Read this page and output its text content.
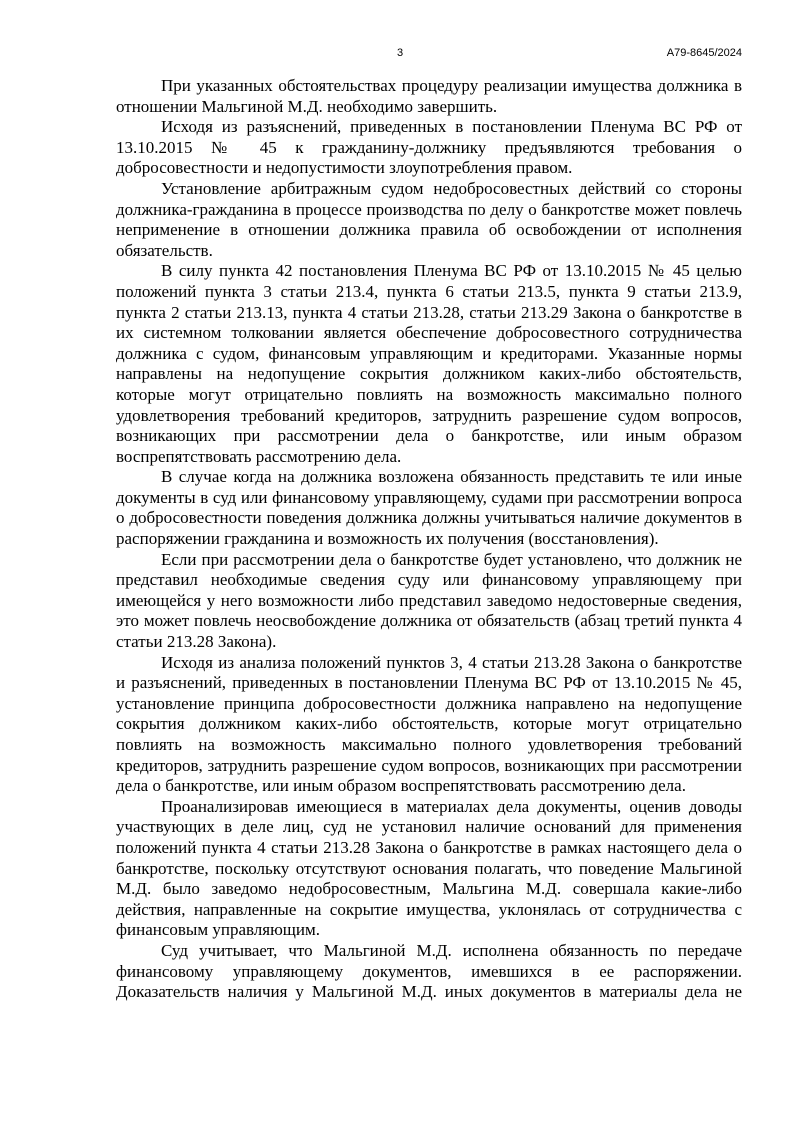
3	А79-8645/2024

При указанных обстоятельствах процедуру реализации имущества должника в отношении Мальгиной М.Д. необходимо завершить.

Исходя из разъяснений, приведенных в постановлении Пленума ВС РФ от 13.10.2015 № 45 к гражданину-должнику предъявляются требования о добросовестности и недопустимости злоупотребления правом.

Установление арбитражным судом недобросовестных действий со стороны должника-гражданина в процессе производства по делу о банкротстве может повлечь неприменение в отношении должника правила об освобождении от исполнения обязательств.

В силу пункта 42 постановления Пленума ВС РФ от 13.10.2015 № 45 целью положений пункта 3 статьи 213.4, пункта 6 статьи 213.5, пункта 9 статьи 213.9, пункта 2 статьи 213.13, пункта 4 статьи 213.28, статьи 213.29 Закона о банкротстве в их системном толковании является обеспечение добросовестного сотрудничества должника с судом, финансовым управляющим и кредиторами. Указанные нормы направлены на недопущение сокрытия должником каких-либо обстоятельств, которые могут отрицательно повлиять на возможность максимально полного удовлетворения требований кредиторов, затруднить разрешение судом вопросов, возникающих при рассмотрении дела о банкротстве, или иным образом воспрепятствовать рассмотрению дела.

В случае когда на должника возложена обязанность представить те или иные документы в суд или финансовому управляющему, судами при рассмотрении вопроса о добросовестности поведения должника должны учитываться наличие документов в распоряжении гражданина и возможность их получения (восстановления).

Если при рассмотрении дела о банкротстве будет установлено, что должник не представил необходимые сведения суду или финансовому управляющему при имеющейся у него возможности либо представил заведомо недостоверные сведения, это может повлечь неосвобождение должника от обязательств (абзац третий пункта 4 статьи 213.28 Закона).

Исходя из анализа положений пунктов 3, 4 статьи 213.28 Закона о банкротстве и разъяснений, приведенных в постановлении Пленума ВС РФ от 13.10.2015 № 45, установление принципа добросовестности должника направлено на недопущение сокрытия должником каких-либо обстоятельств, которые могут отрицательно повлиять на возможность максимально полного удовлетворения требований кредиторов, затруднить разрешение судом вопросов, возникающих при рассмотрении дела о банкротстве, или иным образом воспрепятствовать рассмотрению дела.

Проанализировав имеющиеся в материалах дела документы, оценив доводы участвующих в деле лиц, суд не установил наличие оснований для применения положений пункта 4 статьи 213.28 Закона о банкротстве в рамках настоящего дела о банкротстве, поскольку отсутствуют основания полагать, что поведение Мальгиной М.Д. было заведомо недобросовестным, Мальгина М.Д. совершала какие-либо действия, направленные на сокрытие имущества, уклонялась от сотрудничества с финансовым управляющим.

Суд учитывает, что Мальгиной М.Д. исполнена обязанность по передаче финансовому управляющему документов, имевшихся в ее распоряжении. Доказательств наличия у Мальгиной М.Д. иных документов в материалы дела не
